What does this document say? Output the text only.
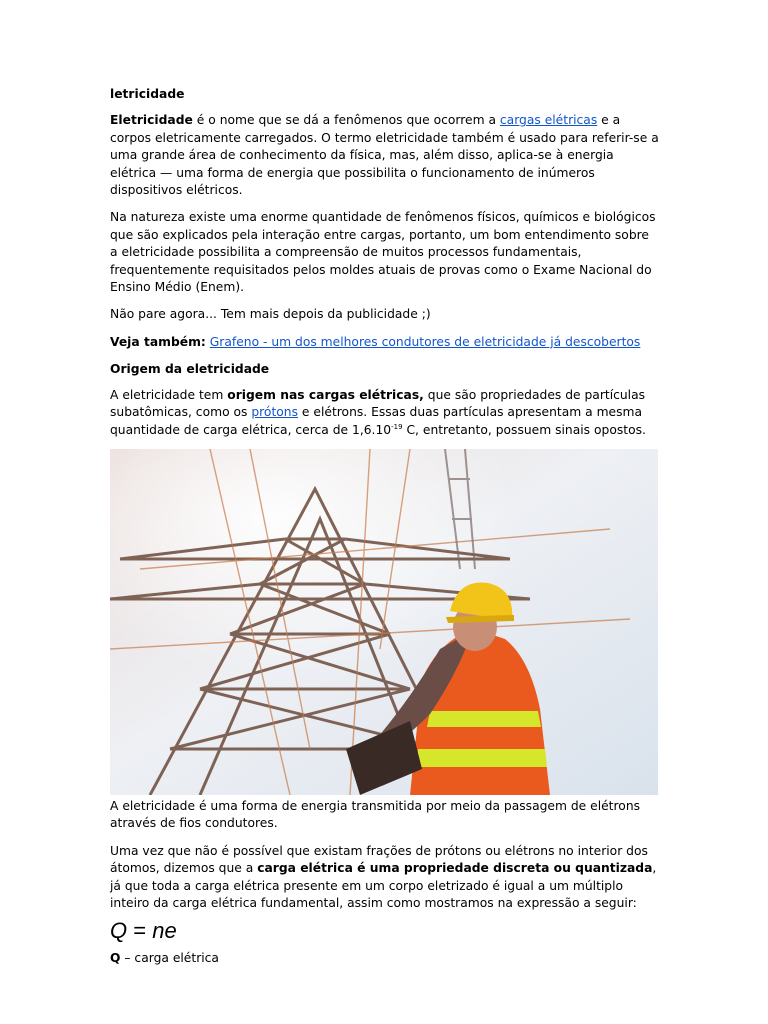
letricidade

Eletricidade é o nome que se dá a fenômenos que ocorrem a cargas elétricas e a corpos eletricamente carregados. O termo eletricidade também é usado para referir-se a uma grande área de conhecimento da física, mas, além disso, aplica-se à energia elétrica — uma forma de energia que possibilita o funcionamento de inúmeros dispositivos elétricos.

Na natureza existe uma enorme quantidade de fenômenos físicos, químicos e biológicos que são explicados pela interação entre cargas, portanto, um bom entendimento sobre a eletricidade possibilita a compreensão de muitos processos fundamentais, frequentemente requisitados pelos moldes atuais de provas como o Exame Nacional do Ensino Médio (Enem).

Não pare agora... Tem mais depois da publicidade ;)

Veja também: Grafeno - um dos melhores condutores de eletricidade já descobertos

Origem da eletricidade

A eletricidade tem origem nas cargas elétricas, que são propriedades de partículas subatômicas, como os prótons e elétrons. Essas duas partículas apresentam a mesma quantidade de carga elétrica, cerca de $1,6.10^{-19}$ C, entretanto, possuem sinais opostos.

A eletricidade é uma forma de energia transmitida por meio da passagem de elétrons através de fios condutores.

Uma vez que não é possível que existam frações de prótons ou elétrons no interior dos átomos, dizemos que a carga elétrica é uma propriedade discreta ou quantizada, já que toda a carga elétrica presente em um corpo eletrizado é igual a um múltiplo inteiro da carga elétrica fundamental, assim como mostramos na expressão a seguir:

Q = ne

Q – carga elétrica
